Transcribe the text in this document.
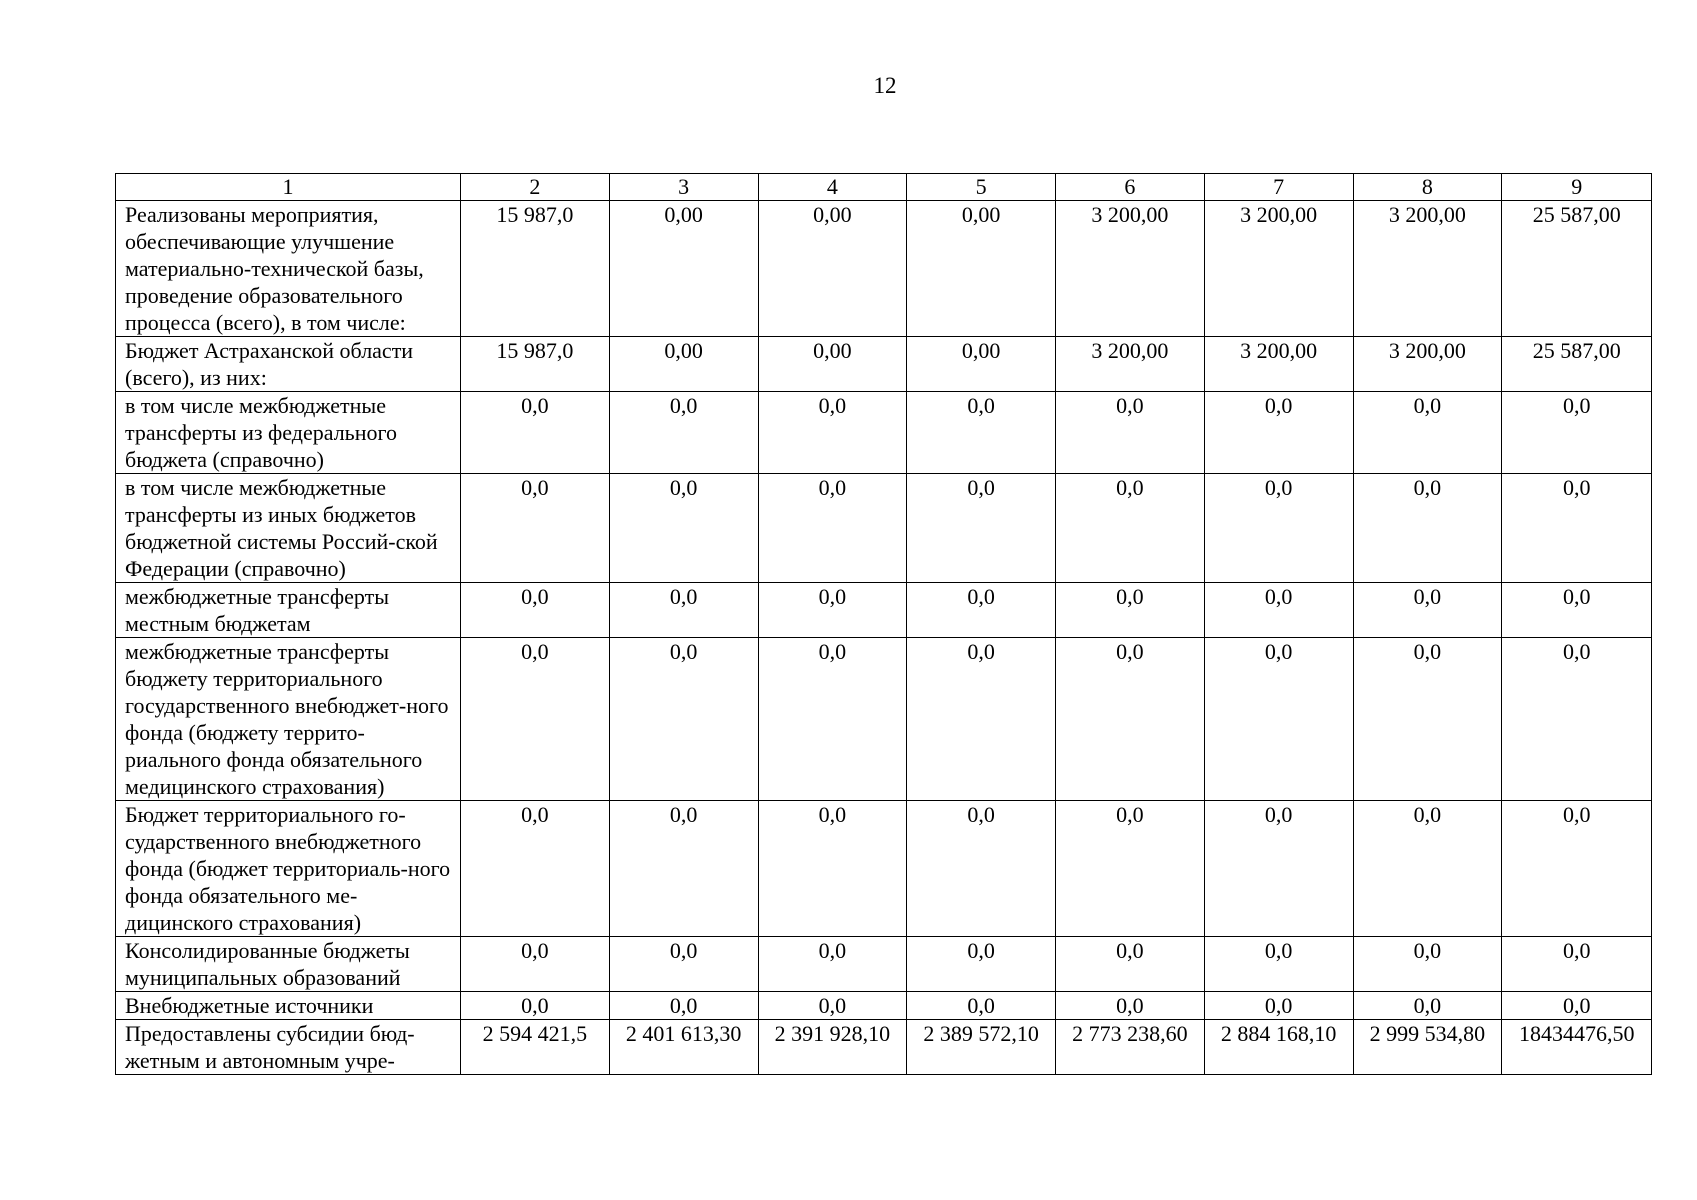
12
1	2	3	4	5	6	7	8	9
Реализованы мероприятия, обеспечивающие улучшение материально-технической базы, проведение образовательного процесса (всего), в том числе:	15 987,0	0,00	0,00	0,00	3 200,00	3 200,00	3 200,00	25 587,00
Бюджет Астраханской области (всего), из них:	15 987,0	0,00	0,00	0,00	3 200,00	3 200,00	3 200,00	25 587,00
в том числе межбюджетные трансферты из федерального бюджета (справочно)	0,0	0,0	0,0	0,0	0,0	0,0	0,0	0,0
в том числе межбюджетные трансферты из иных бюджетов бюджетной системы Россий-ской Федерации (справочно)	0,0	0,0	0,0	0,0	0,0	0,0	0,0	0,0
межбюджетные трансферты местным бюджетам	0,0	0,0	0,0	0,0	0,0	0,0	0,0	0,0
межбюджетные трансферты бюджету территориального государственного внебюджет-ного фонда (бюджету террито-риального фонда обязательного медицинского страхования)	0,0	0,0	0,0	0,0	0,0	0,0	0,0	0,0
Бюджет территориального го-сударственного внебюджетного фонда (бюджет территориаль-ного фонда обязательного ме-дицинского страхования)	0,0	0,0	0,0	0,0	0,0	0,0	0,0	0,0
Консолидированные бюджеты муниципальных образований	0,0	0,0	0,0	0,0	0,0	0,0	0,0	0,0
Внебюджетные источники	0,0	0,0	0,0	0,0	0,0	0,0	0,0	0,0
Предоставлены субсидии бюд-жетным и автономным учре-	2 594 421,5	2 401 613,30	2 391 928,10	2 389 572,10	2 773 238,60	2 884 168,10	2 999 534,80	18434476,50
